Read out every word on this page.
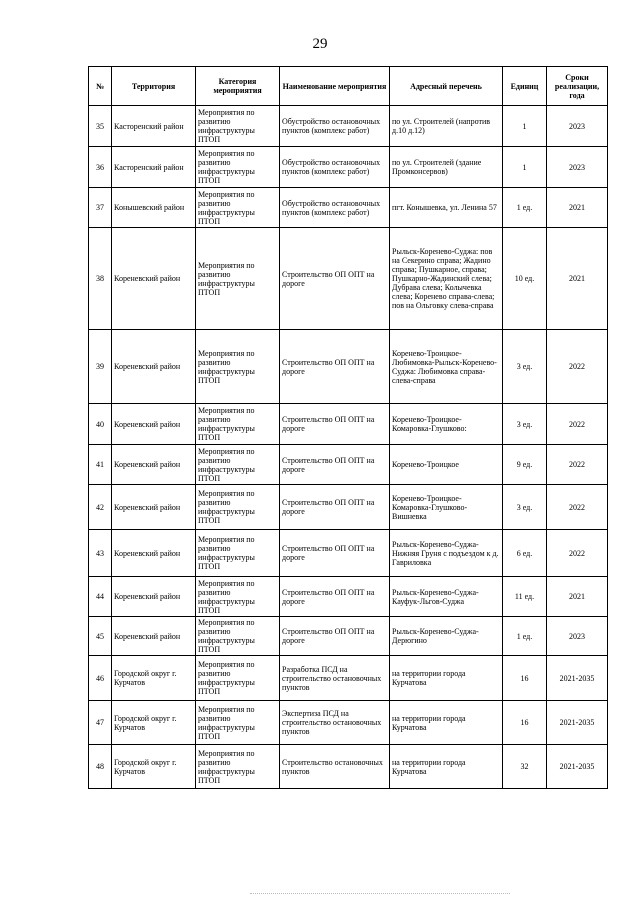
29
№	Территория	Категория мероприятия	Наименование мероприятия	Адресный перечень	Единиц	Сроки реализации, года
35	Касторенский район	Мероприятия по развитию инфраструктуры ПТОП	Обустройство остановочных пунктов (комплекс работ)	по ул. Строителей (напротив д.10 д.12)	1	2023
36	Касторенский район	Мероприятия по развитию инфраструктуры ПТОП	Обустройство остановочных пунктов (комплекс работ)	по ул. Строителей (здание Промконсервов)	1	2023
37	Конышевский район	Мероприятия по развитию инфраструктуры ПТОП	Обустройство остановочных пунктов (комплекс работ)	пгт. Конышевка, ул. Ленина 57	1 ед.	2021
38	Кореневский район	Мероприятия по развитию инфраструктуры ПТОП	Строительство ОП ОПТ на дороге	Рыльск-Коренево-Суджа: пов на Секерино справа; Жадино справа; Пушкарное, справа; Пушкарно-Жадинский слева; Дубрава слева; Колычевка слева; Коренево справа-слева; пов на Ольговку слева-справа	10 ед.	2021
39	Кореневский район	Мероприятия по развитию инфраструктуры ПТОП	Строительство ОП ОПТ на дороге	Коренево-Троицкое-Любимовка-Рыльск-Коренево-Суджа: Любимовка справа-слева-справа	3 ед.	2022
40	Кореневский район	Мероприятия по развитию инфраструктуры ПТОП	Строительство ОП ОПТ на дороге	Коренево-Троицкое-Комаровка-Глушково:	3 ед.	2022
41	Кореневский район	Мероприятия по развитию инфраструктуры ПТОП	Строительство ОП ОПТ на дороге	Коренево-Троицкое	9 ед.	2022
42	Кореневский район	Мероприятия по развитию инфраструктуры ПТОП	Строительство ОП ОПТ на дороге	Коренево-Троицкое-Комаровка-Глушково-Вишневка	3 ед.	2022
43	Кореневский район	Мероприятия по развитию инфраструктуры ПТОП	Строительство ОП ОПТ на дороге	Рыльск-Коренево-Суджа-Нижняя Груня с подъездом к д. Гавриловка	6 ед.	2022
44	Кореневский район	Мероприятия по развитию инфраструктуры ПТОП	Строительство ОП ОПТ на дороге	Рыльск-Коренево-Суджа-Кауфук-Льгов-Суджа	11 ед.	2021
45	Кореневский район	Мероприятия по развитию инфраструктуры ПТОП	Строительство ОП ОПТ на дороге	Рыльск-Коренево-Суджа-Дерюгино	1 ед.	2023
46	Городской округ г. Курчатов	Мероприятия по развитию инфраструктуры ПТОП	Разработка ПСД на строительство остановочных пунктов	на территории города Курчатова	16	2021-2035
47	Городской округ г. Курчатов	Мероприятия по развитию инфраструктуры ПТОП	Экспертиза ПСД на строительство остановочных пунктов	на территории города Курчатова	16	2021-2035
48	Городской округ г. Курчатов	Мероприятия по развитию инфраструктуры ПТОП	Строительство остановочных пунктов	на территории города Курчатова	32	2021-2035
